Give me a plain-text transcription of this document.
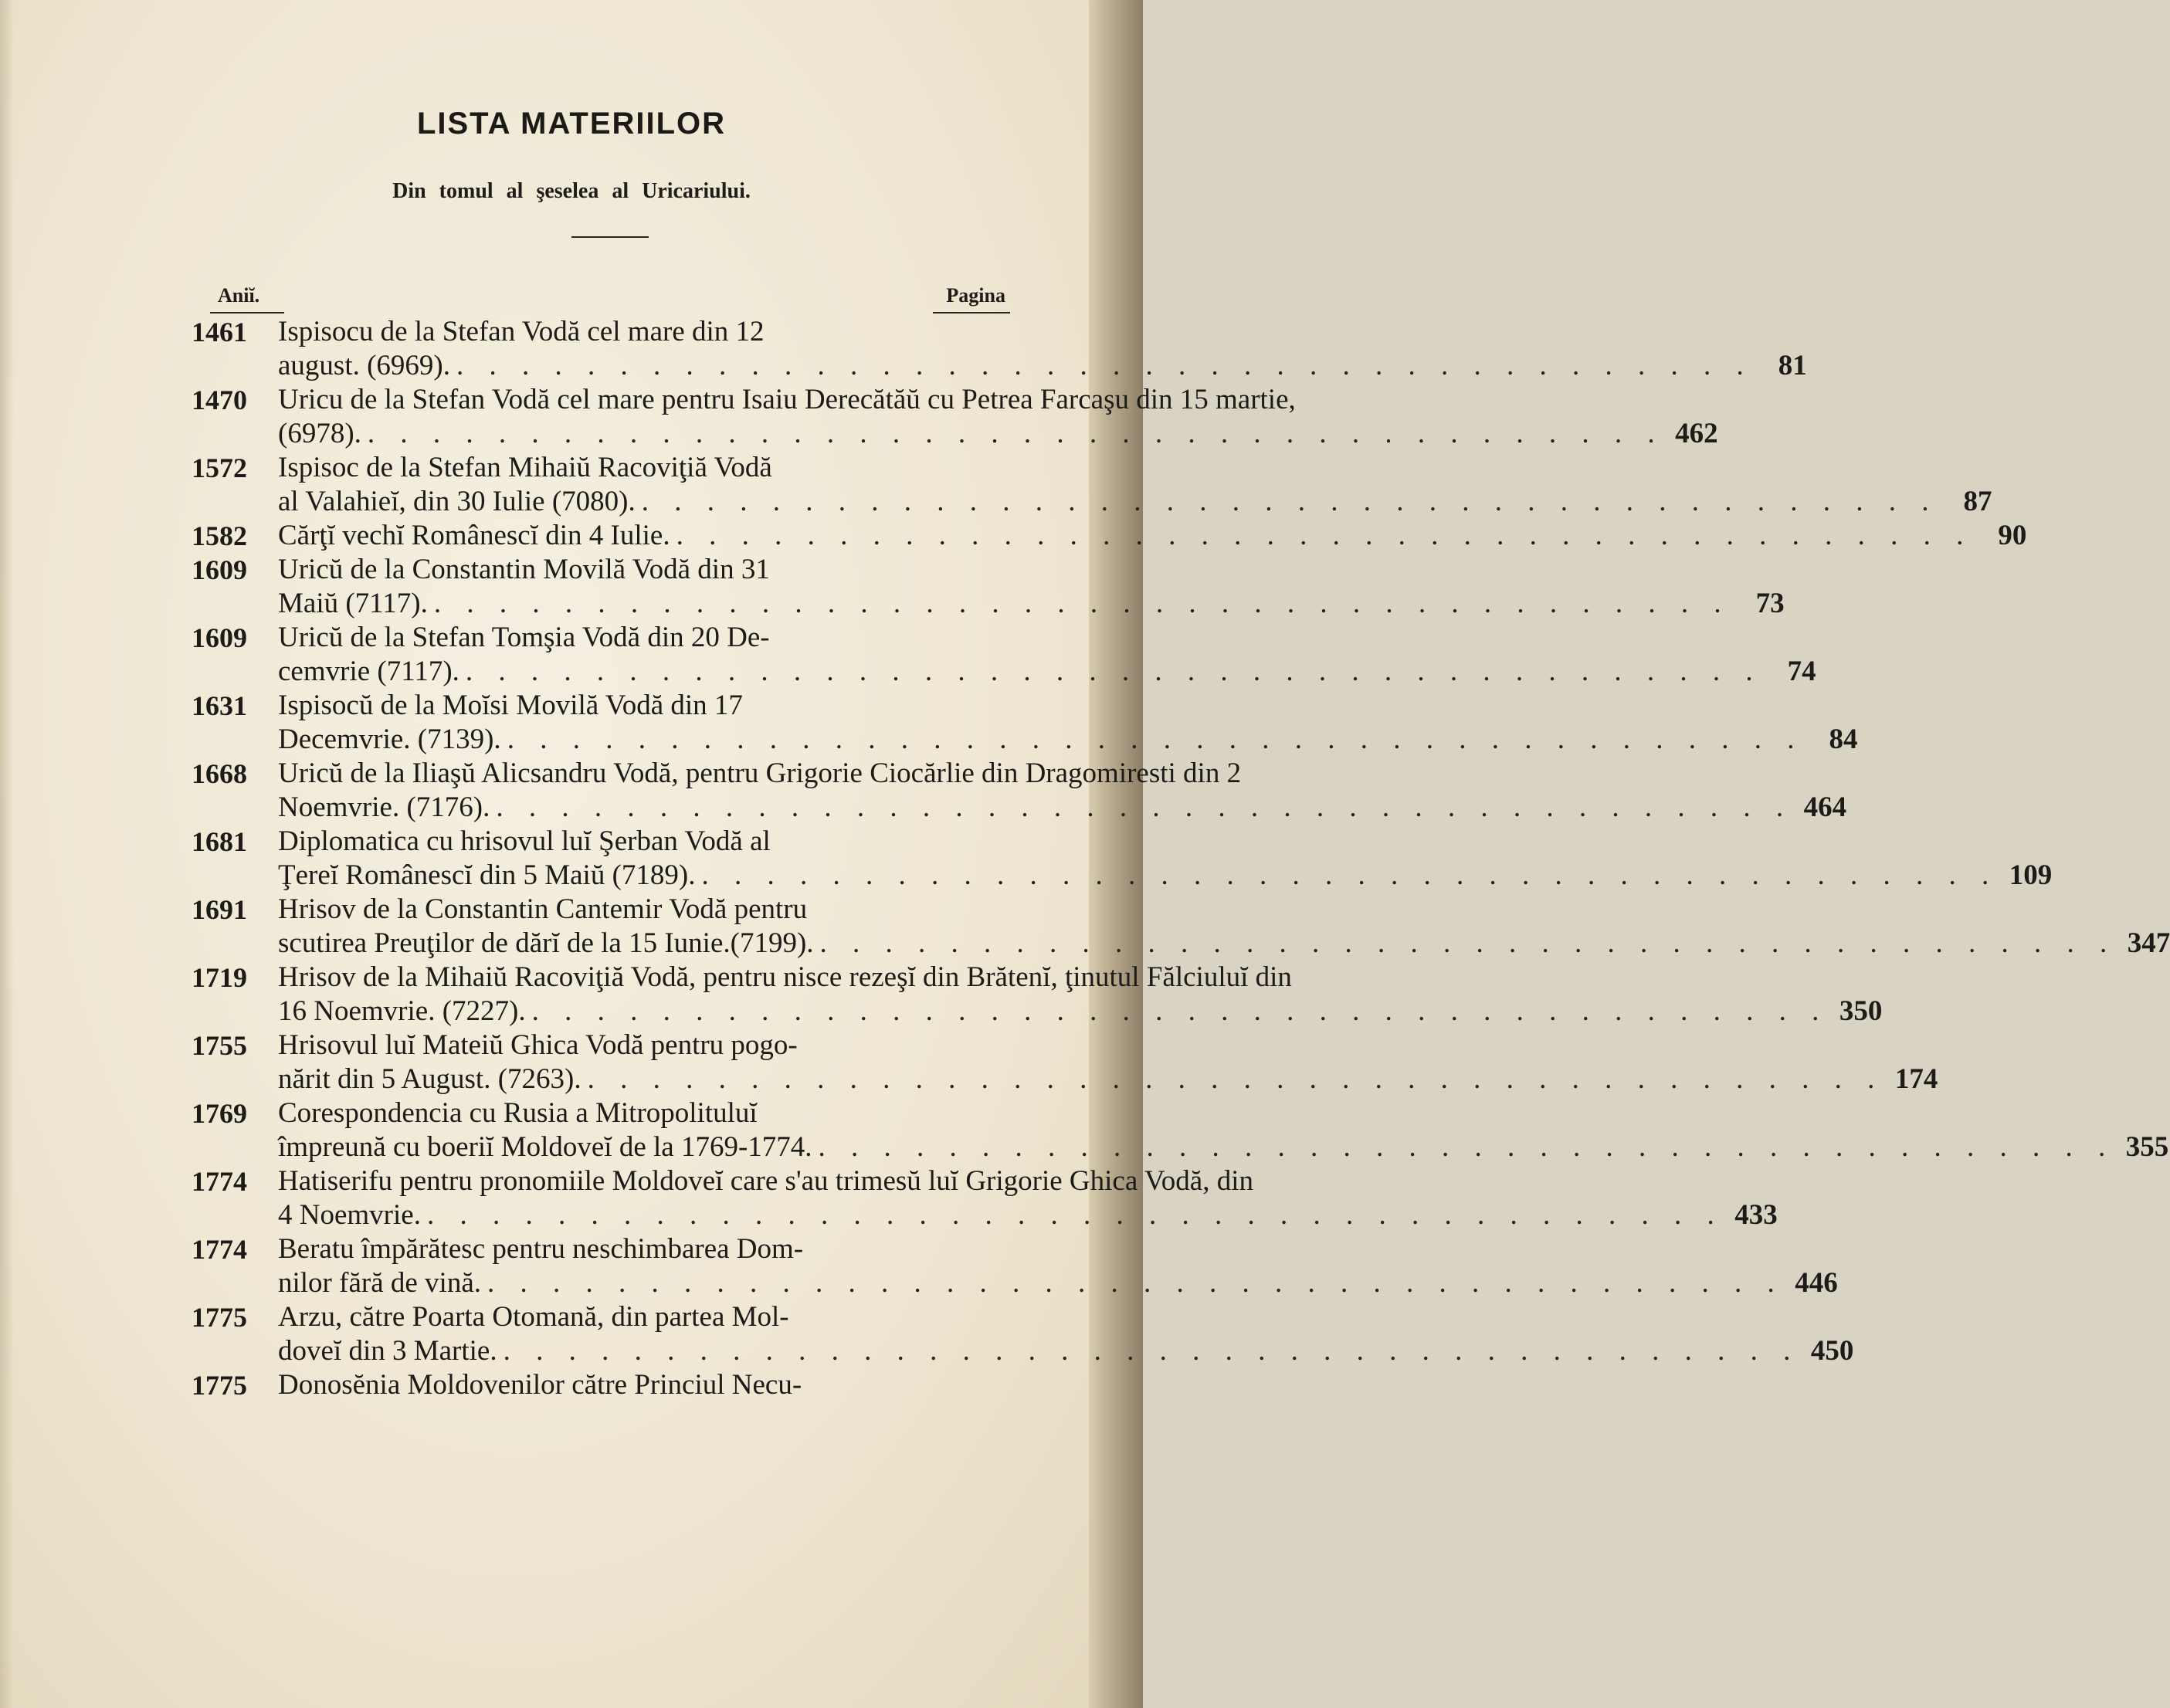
LISTA MATERIILOR
Din tomul al şeselea al Uricariului.
Aniĭ.	Pagina
1461	Ispisocu de la Stefan Vodă cel mare din 12
august. (6969). . . . . . . . . . . . . . . . . . . . . . . . . . . . . . . . . . . . . . . . . 81
1470	Uricu de la Stefan Vodă cel mare pentru Isaiu Derecătăŭ cu Petrea Farcaşu din 15 martie,
(6978). . . . . . . . . . . . . . . . . . . . . . . . . . . . . . . . . . . . . . . . . 462
1572	Ispisoc de la Stefan Mihaiŭ Racoviţiă Vodă
al Valahieĭ, din 30 Iulie (7080). . . . . . . . . . . . . . . . . . . . . . . . . . . . . . . . . . . . . . . . . 87
1582	Cărţĭ vechĭ Românescĭ din 4 Iulie. . . . . . . . . . . . . . . . . . . . . . . . . . . . . . . . . . . . . . . . . 90
1609	Uricŭ de la Constantin Movilă Vodă din 31
Maiŭ (7117). . . . . . . . . . . . . . . . . . . . . . . . . . . . . . . . . . . . . . . . . 73
1609	Uricŭ de la Stefan Tomşia Vodă din 20 De-
cemvrie (7117). . . . . . . . . . . . . . . . . . . . . . . . . . . . . . . . . . . . . . . . . 74
1631	Ispisocŭ de la Moĭsi Movilă Vodă din 17
Decemvrie. (7139). . . . . . . . . . . . . . . . . . . . . . . . . . . . . . . . . . . . . . . . . 84
1668	Uricŭ de la Iliaşŭ Alicsandru Vodă, pentru Grigorie Ciocărlie din Dragomiresti din 2
Noemvrie. (7176). . . . . . . . . . . . . . . . . . . . . . . . . . . . . . . . . . . . . . . . . 464
1681	Diplomatica cu hrisovul luĭ Şerban Vodă al
Ţereĭ Românescĭ din 5 Maiŭ (7189). . . . . . . . . . . . . . . . . . . . . . . . . . . . . . . . . . . . . . . . . 109
1691	Hrisov de la Constantin Cantemir Vodă pentru
scutirea Preuţilor de dărĭ de la 15 Iunie.(7199). . . . . . . . . . . . . . . . . . . . . . . . . . . . . . . . . . . . . . . . . 347
1719	Hrisov de la Mihaiŭ Racoviţiă Vodă, pentru nisce rezeşĭ din Brătenĭ, ţinutul Fălciuluĭ din
16 Noemvrie. (7227). . . . . . . . . . . . . . . . . . . . . . . . . . . . . . . . . . . . . . . . . 350
1755	Hrisovul luĭ Mateiŭ Ghica Vodă pentru pogo-
nărit din 5 August. (7263). . . . . . . . . . . . . . . . . . . . . . . . . . . . . . . . . . . . . . . . . 174
1769	Corespondencia cu Rusia a Mitropolituluĭ
împreună cu boeriĭ Moldoveĭ de la 1769-1774. . . . . . . . . . . . . . . . . . . . . . . . . . . . . . . . . . . . . . . . . 355
1774	Hatiserifu pentru pronomiile Moldoveĭ care s'au trimesŭ luĭ Grigorie Ghica Vodă, din
4 Noemvrie. . . . . . . . . . . . . . . . . . . . . . . . . . . . . . . . . . . . . . . . . 433
1774	Beratu împărătesc pentru neschimbarea Dom-
nilor fără de vină. . . . . . . . . . . . . . . . . . . . . . . . . . . . . . . . . . . . . . . . . 446
1775	Arzu, către Poarta Otomană, din partea Mol-
doveĭ din 3 Martie. . . . . . . . . . . . . . . . . . . . . . . . . . . . . . . . . . . . . . . . . 450
1775	Donosĕnia Moldovenilor către Princiul Necu-
